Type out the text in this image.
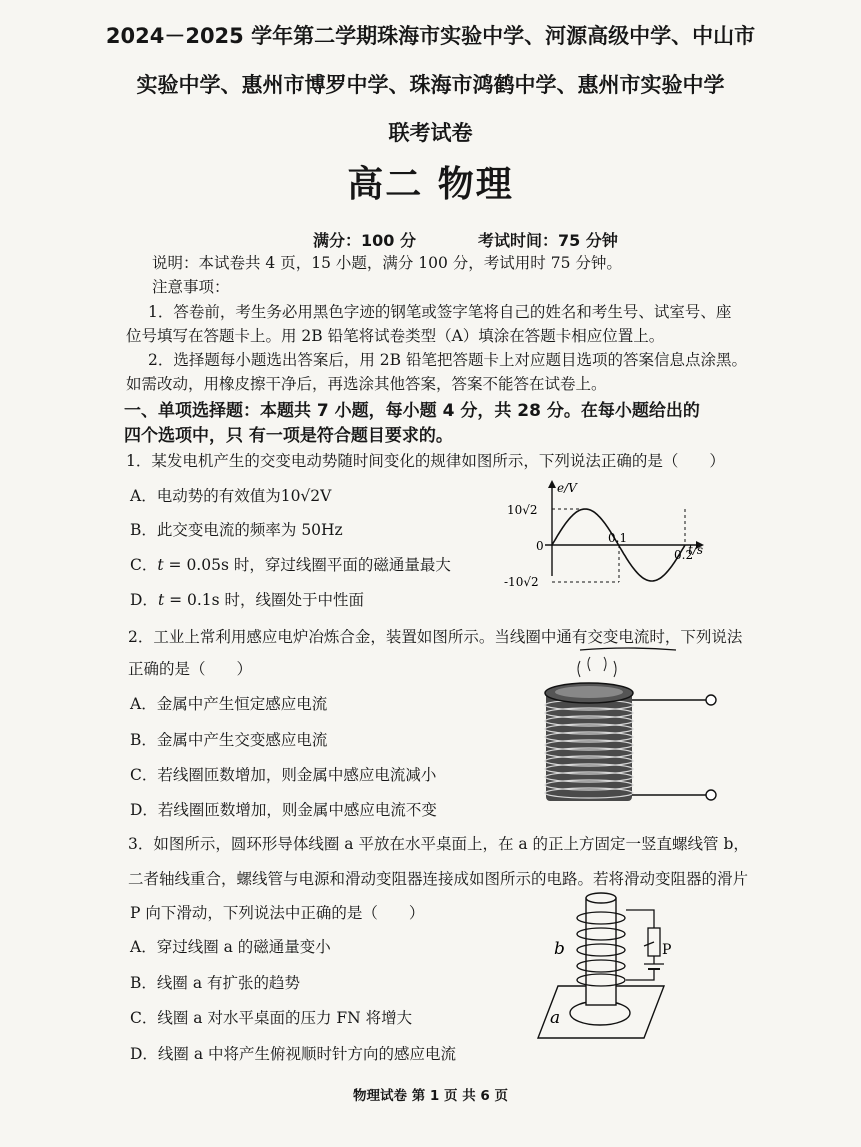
2024－2025 学年第二学期珠海市实验中学、河源高级中学、中山市
实验中学、惠州市博罗中学、珠海市鸿鹤中学、惠州市实验中学
联考试卷
高二 物理
满分：100 分	考试时间：75 分钟
说明：本试卷共 4 页，15 小题，满分 100 分，考试用时 75 分钟。
注意事项：
1．答卷前，考生务必用黑色字迹的钢笔或签字笔将自己的姓名和考生号、试室号、座
位号填写在答题卡上。用 2B 铅笔将试卷类型（A）填涂在答题卡相应位置上。
2．选择题每小题选出答案后，用 2B 铅笔把答题卡上对应题目选项的答案信息点涂黑。
如需改动，用橡皮擦干净后，再选涂其他答案，答案不能答在试卷上。
一、单项选择题：本题共 7 小题，每小题 4 分，共 28 分。在每小题给出的
四个选项中，只 有一项是符合题目要求的。
1．某发电机产生的交变电动势随时间变化的规律如图所示，下列说法正确的是（　　）
A．电动势的有效值为10√2V
B．此交变电流的频率为 50Hz
C．t = 0.05s 时，穿过线圈平面的磁通量最大
D．t = 0.1s 时，线圈处于中性面
e/V
t/s
10√2
-10√2
0
0.1
0.2
2．工业上常利用感应电炉冶炼合金，装置如图所示。当线圈中通有交变电流时，下列说法
正确的是（　　）
A．金属中产生恒定感应电流
B．金属中产生交变感应电流
C．若线圈匝数增加，则金属中感应电流减小
D．若线圈匝数增加，则金属中感应电流不变
3．如图所示，圆环形导体线圈 a 平放在水平桌面上，在 a 的正上方固定一竖直螺线管 b，
二者轴线重合，螺线管与电源和滑动变阻器连接成如图所示的电路。若将滑动变阻器的滑片
P 向下滑动，下列说法中正确的是（　　）
A．穿过线圈 a 的磁通量变小
B．线圈 a 有扩张的趋势
C．线圈 a 对水平桌面的压力 FN 将增大
D．线圈 a 中将产生俯视顺时针方向的感应电流
b
a
P
物理试卷 第 1 页 共 6 页
